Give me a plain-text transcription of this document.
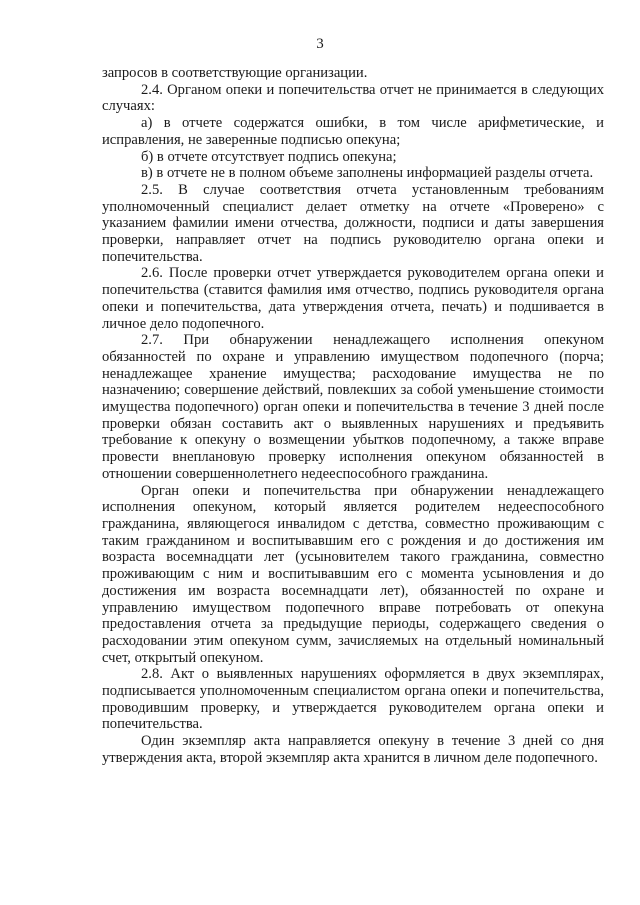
3

запросов в соответствующие организации.

2.4. Органом опеки и попечительства отчет не принимается в следующих случаях:

а) в отчете содержатся ошибки, в том числе арифметические, и исправления, не заверенные подписью опекуна;

б) в отчете отсутствует подпись опекуна;

в) в отчете не в полном объеме заполнены информацией разделы отчета.

2.5. В случае соответствия отчета установленным требованиям уполномоченный специалист делает отметку на отчете «Проверено» с указанием фамилии имени отчества, должности, подписи и даты завершения проверки, направляет отчет на подпись руководителю органа опеки и попечительства.

2.6. После проверки отчет утверждается руководителем органа опеки и попечительства (ставится фамилия имя отчество, подпись руководителя органа опеки и попечительства, дата утверждения отчета, печать) и подшивается в личное дело подопечного.

2.7. При обнаружении ненадлежащего исполнения опекуном обязанностей по охране и управлению имуществом подопечного (порча; ненадлежащее хранение имущества; расходование имущества не по назначению; совершение действий, повлекших за собой уменьшение стоимости имущества подопечного) орган опеки и попечительства в течение 3 дней после проверки обязан составить акт о выявленных нарушениях и предъявить требование к опекуну о возмещении убытков подопечному, а также вправе провести внеплановую проверку исполнения опекуном обязанностей в отношении совершеннолетнего недееспособного гражданина.

Орган опеки и попечительства при обнаружении ненадлежащего исполнения опекуном, который является родителем недееспособного гражданина, являющегося инвалидом с детства, совместно проживающим с таким гражданином и воспитывавшим его с рождения и до достижения им возраста восемнадцати лет (усыновителем такого гражданина, совместно проживающим с ним и воспитывавшим его с момента усыновления и до достижения им возраста восемнадцати лет), обязанностей по охране и управлению имуществом подопечного вправе потребовать от опекуна предоставления отчета за предыдущие периоды, содержащего сведения о расходовании этим опекуном сумм, зачисляемых на отдельный номинальный счет, открытый опекуном.

2.8. Акт о выявленных нарушениях оформляется в двух экземплярах, подписывается уполномоченным специалистом органа опеки и попечительства, проводившим проверку, и утверждается руководителем органа опеки и попечительства.

Один экземпляр акта направляется опекуну в течение 3 дней со дня утверждения акта, второй экземпляр акта хранится в личном деле подопечного.
